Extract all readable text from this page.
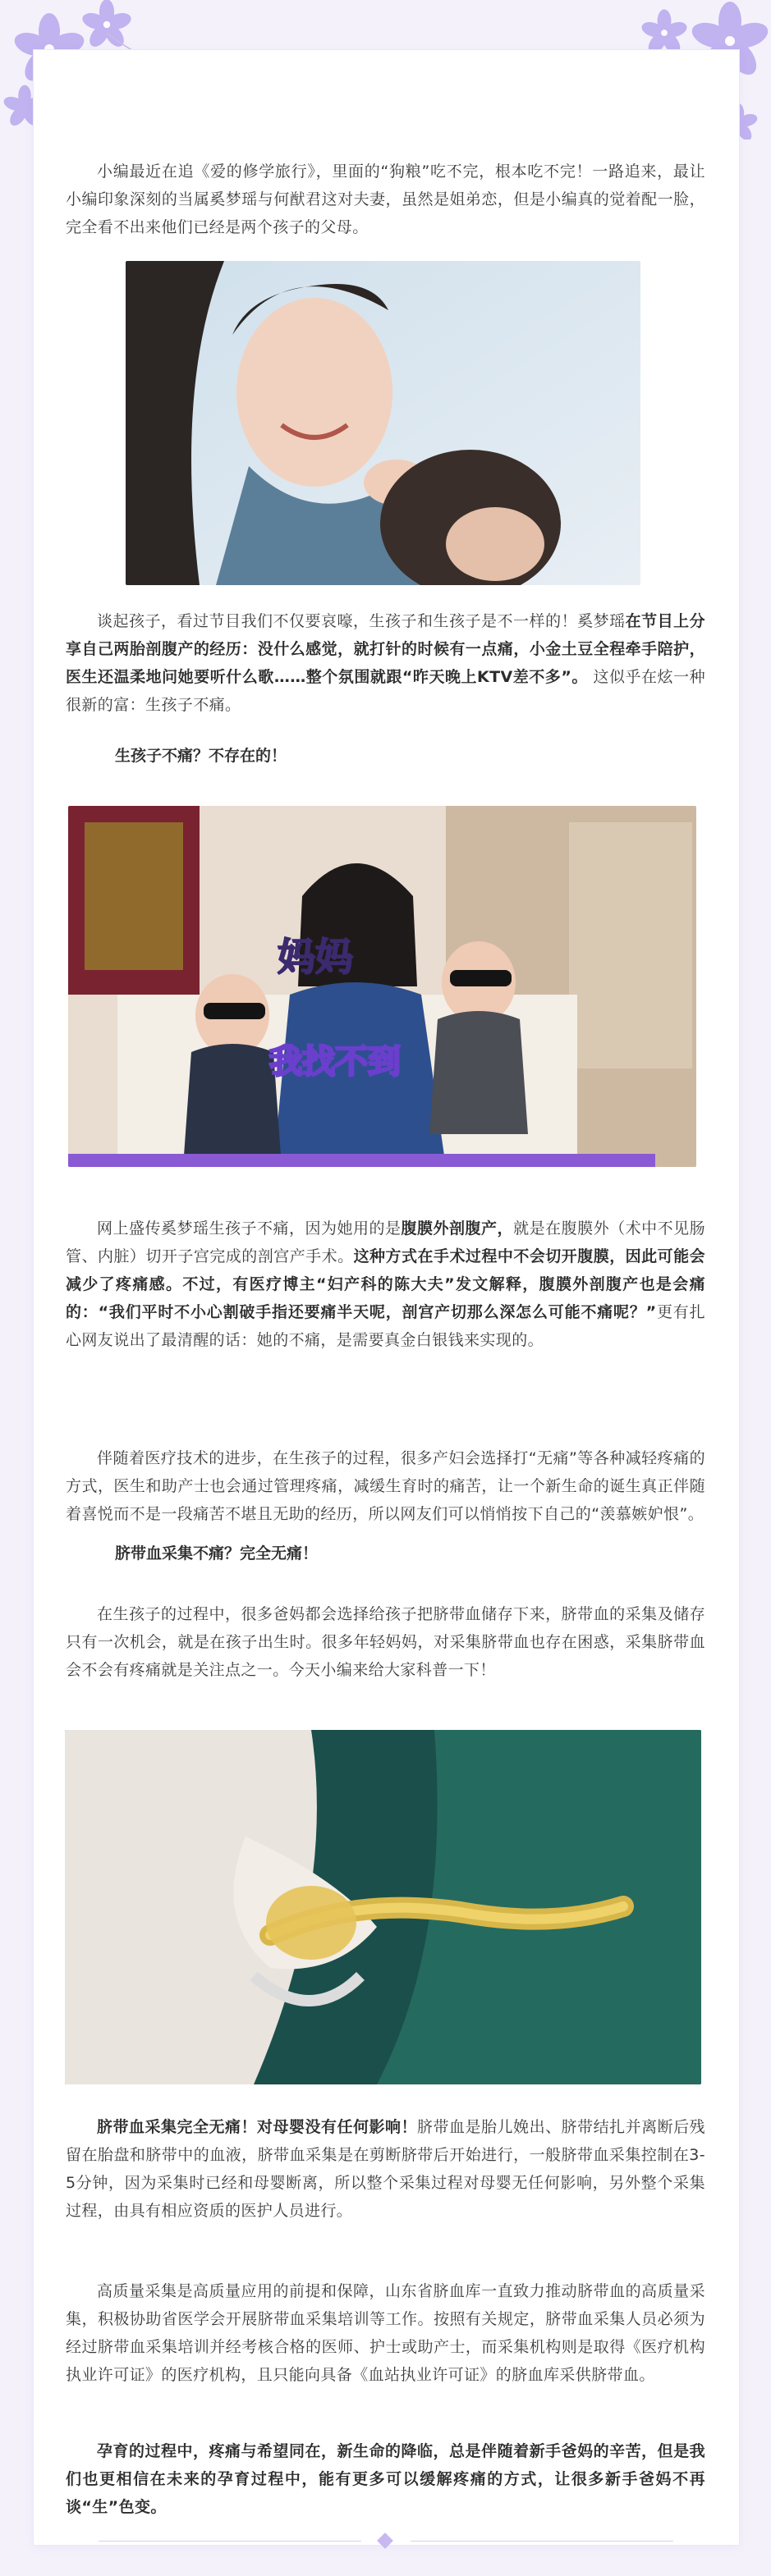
小编最近在追《爱的修学旅行》，里面的“狗粮”吃不完，根本吃不完！一路追来，最让小编印象深刻的当属奚梦瑶与何猷君这对夫妻，虽然是姐弟恋，但是小编真的觉着配一脸，完全看不出来他们已经是两个孩子的父母。

谈起孩子，看过节目我们不仅要哀嚎，生孩子和生孩子是不一样的！奚梦瑶在节目上分享自己两胎剖腹产的经历：没什么感觉，就打针的时候有一点痛，小金土豆全程牵手陪护，医生还温柔地问她要听什么歌……整个氛围就跟“昨天晚上KTV差不多”。 这似乎在炫一种很新的富：生孩子不痛。

生孩子不痛？不存在的！

妈妈
我找不到

网上盛传奚梦瑶生孩子不痛，因为她用的是腹膜外剖腹产，就是在腹膜外（术中不见肠管、内脏）切开子宫完成的剖宫产手术。这种方式在手术过程中不会切开腹膜，因此可能会减少了疼痛感。不过，有医疗博主“妇产科的陈大夫”发文解释，腹膜外剖腹产也是会痛的：“我们平时不小心割破手指还要痛半天呢，剖宫产切那么深怎么可能不痛呢？”更有扎心网友说出了最清醒的话：她的不痛，是需要真金白银钱来实现的。

伴随着医疗技术的进步，在生孩子的过程，很多产妇会选择打“无痛”等各种减轻疼痛的方式，医生和助产士也会通过管理疼痛，减缓生育时的痛苦，让一个新生命的诞生真正伴随着喜悦而不是一段痛苦不堪且无助的经历，所以网友们可以悄悄按下自己的“羡慕嫉妒恨”。

脐带血采集不痛？完全无痛！

在生孩子的过程中，很多爸妈都会选择给孩子把脐带血储存下来，脐带血的采集及储存只有一次机会，就是在孩子出生时。很多年轻妈妈，对采集脐带血也存在困惑，采集脐带血会不会有疼痛就是关注点之一。今天小编来给大家科普一下！

脐带血采集完全无痛！对母婴没有任何影响！脐带血是胎儿娩出、脐带结扎并离断后残留在胎盘和脐带中的血液，脐带血采集是在剪断脐带后开始进行，一般脐带血采集控制在3-5分钟，因为采集时已经和母婴断离，所以整个采集过程对母婴无任何影响，另外整个采集过程，由具有相应资质的医护人员进行。

高质量采集是高质量应用的前提和保障，山东省脐血库一直致力推动脐带血的高质量采集，积极协助省医学会开展脐带血采集培训等工作。按照有关规定，脐带血采集人员必须为经过脐带血采集培训并经考核合格的医师、护士或助产士，而采集机构则是取得《医疗机构执业许可证》的医疗机构，且只能向具备《血站执业许可证》的脐血库采供脐带血。

孕育的过程中，疼痛与希望同在，新生命的降临，总是伴随着新手爸妈的辛苦，但是我们也更相信在未来的孕育过程中，能有更多可以缓解疼痛的方式，让很多新手爸妈不再谈“生”色变。
